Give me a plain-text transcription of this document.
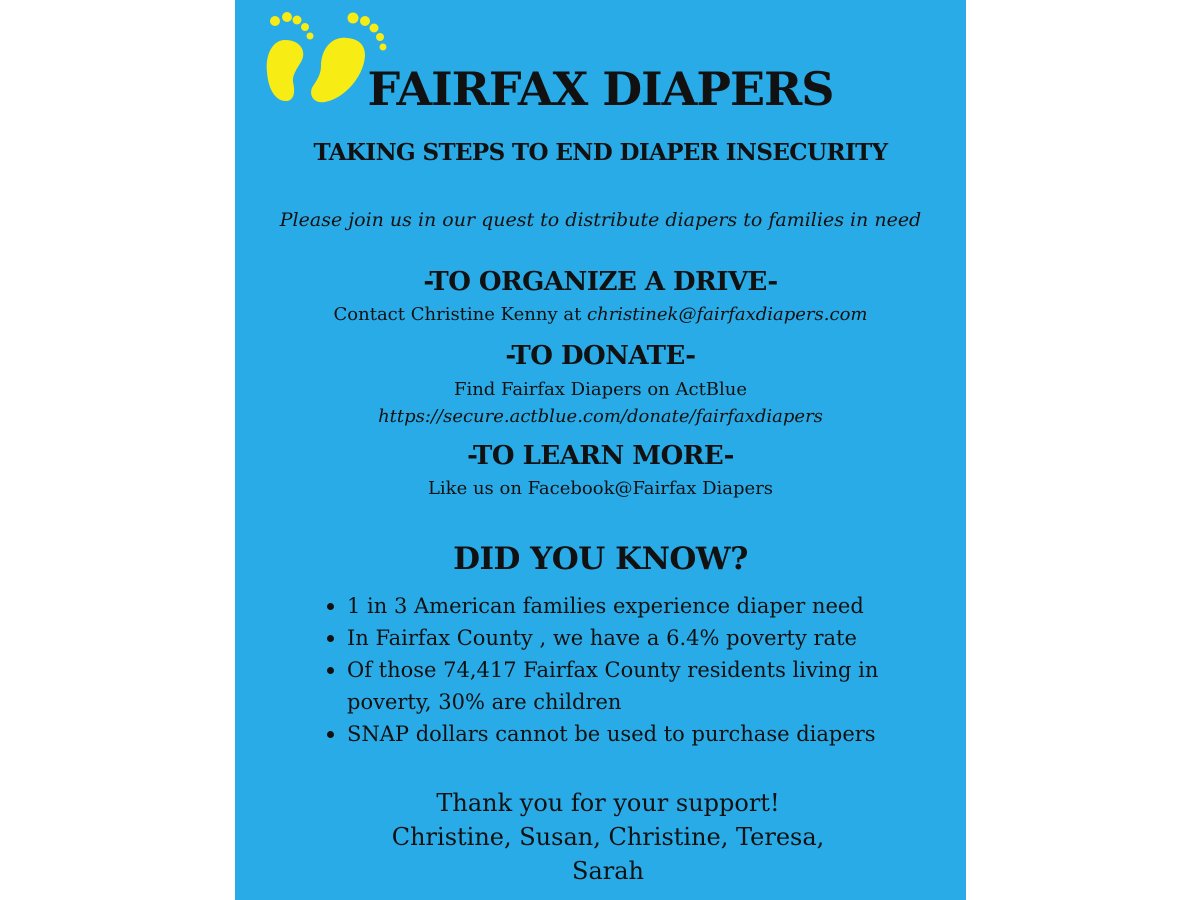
FAIRFAX DIAPERS
TAKING STEPS TO END DIAPER INSECURITY

Please join us in our quest to distribute diapers to families in need

-TO ORGANIZE A DRIVE-

Contact Christine Kenny at christinek@fairfaxdiapers.com

-TO DONATE-

Find Fairfax Diapers on ActBlue

https://secure.actblue.com/donate/fairfaxdiapers

-TO LEARN MORE-

Like us on Facebook@Fairfax Diapers

DID YOU KNOW?
1 in 3 American families experience diaper need
In Fairfax County , we have a 6.4% poverty rate
Of those 74,417 Fairfax County residents living in poverty, 30% are children
SNAP dollars cannot be used to purchase diapers
Thank you for your support!
Christine, Susan, Christine, Teresa, Sarah
